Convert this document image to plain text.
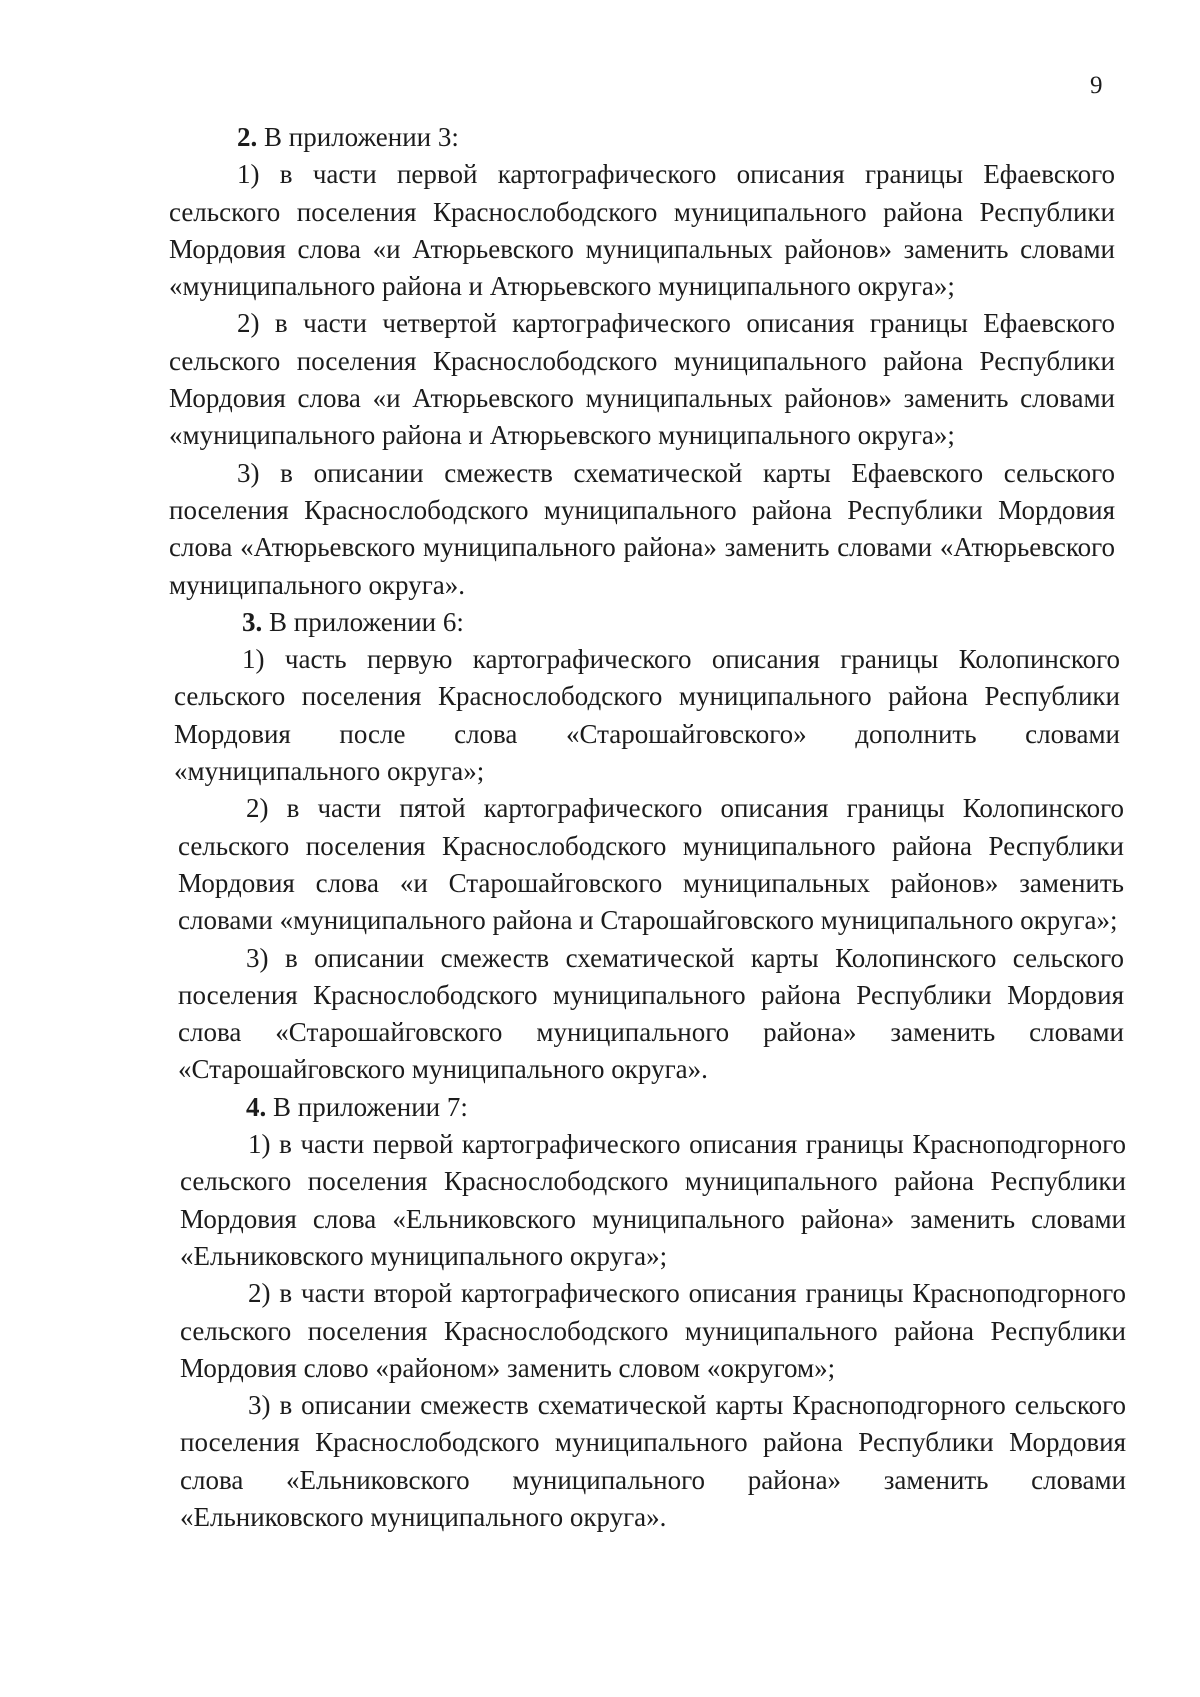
9

2. В приложении 3:

1) в части первой картографического описания границы Ефаевского сельского поселения Краснослободского муниципального района Республики Мордовия слова «и Атюрьевского муниципальных районов» заменить словами «муниципального района и Атюрьевского муниципального округа»;

2) в части четвертой картографического описания границы Ефаевского сельского поселения Краснослободского муниципального района Республики Мордовия слова «и Атюрьевского муниципальных районов» заменить словами «муниципального района и Атюрьевского муниципального округа»;

3) в описании смежеств схематической карты Ефаевского сельского поселения Краснослободского муниципального района Республики Мордовия слова «Атюрьевского муниципального района» заменить словами «Атюрьевского муниципального округа».

3. В приложении 6:

1) часть первую картографического описания границы Колопинского сельского поселения Краснослободского муниципального района Республики Мордовия после слова «Старошайговского» дополнить словами «муниципального округа»;

2) в части пятой картографического описания границы Колопинского сельского поселения Краснослободского муниципального района Республики Мордовия слова «и Старошайговского муниципальных районов» заменить словами «муниципального района и Старошайговского муниципального округа»;

3) в описании смежеств схематической карты Колопинского сельского поселения Краснослободского муниципального района Республики Мордовия слова «Старошайговского муниципального района» заменить словами «Старошайговского муниципального округа».

4. В приложении 7:

1) в части первой картографического описания границы Красноподгорного сельского поселения Краснослободского муниципального района Республики Мордовия слова «Ельниковского муниципального района» заменить словами «Ельниковского муниципального округа»;

2) в части второй картографического описания границы Красноподгорного сельского поселения Краснослободского муниципального района Республики Мордовия слово «районом» заменить словом «округом»;

3) в описании смежеств схематической карты Красноподгорного сельского поселения Краснослободского муниципального района Республики Мордовия слова «Ельниковского муниципального района» заменить словами «Ельниковского муниципального округа».
